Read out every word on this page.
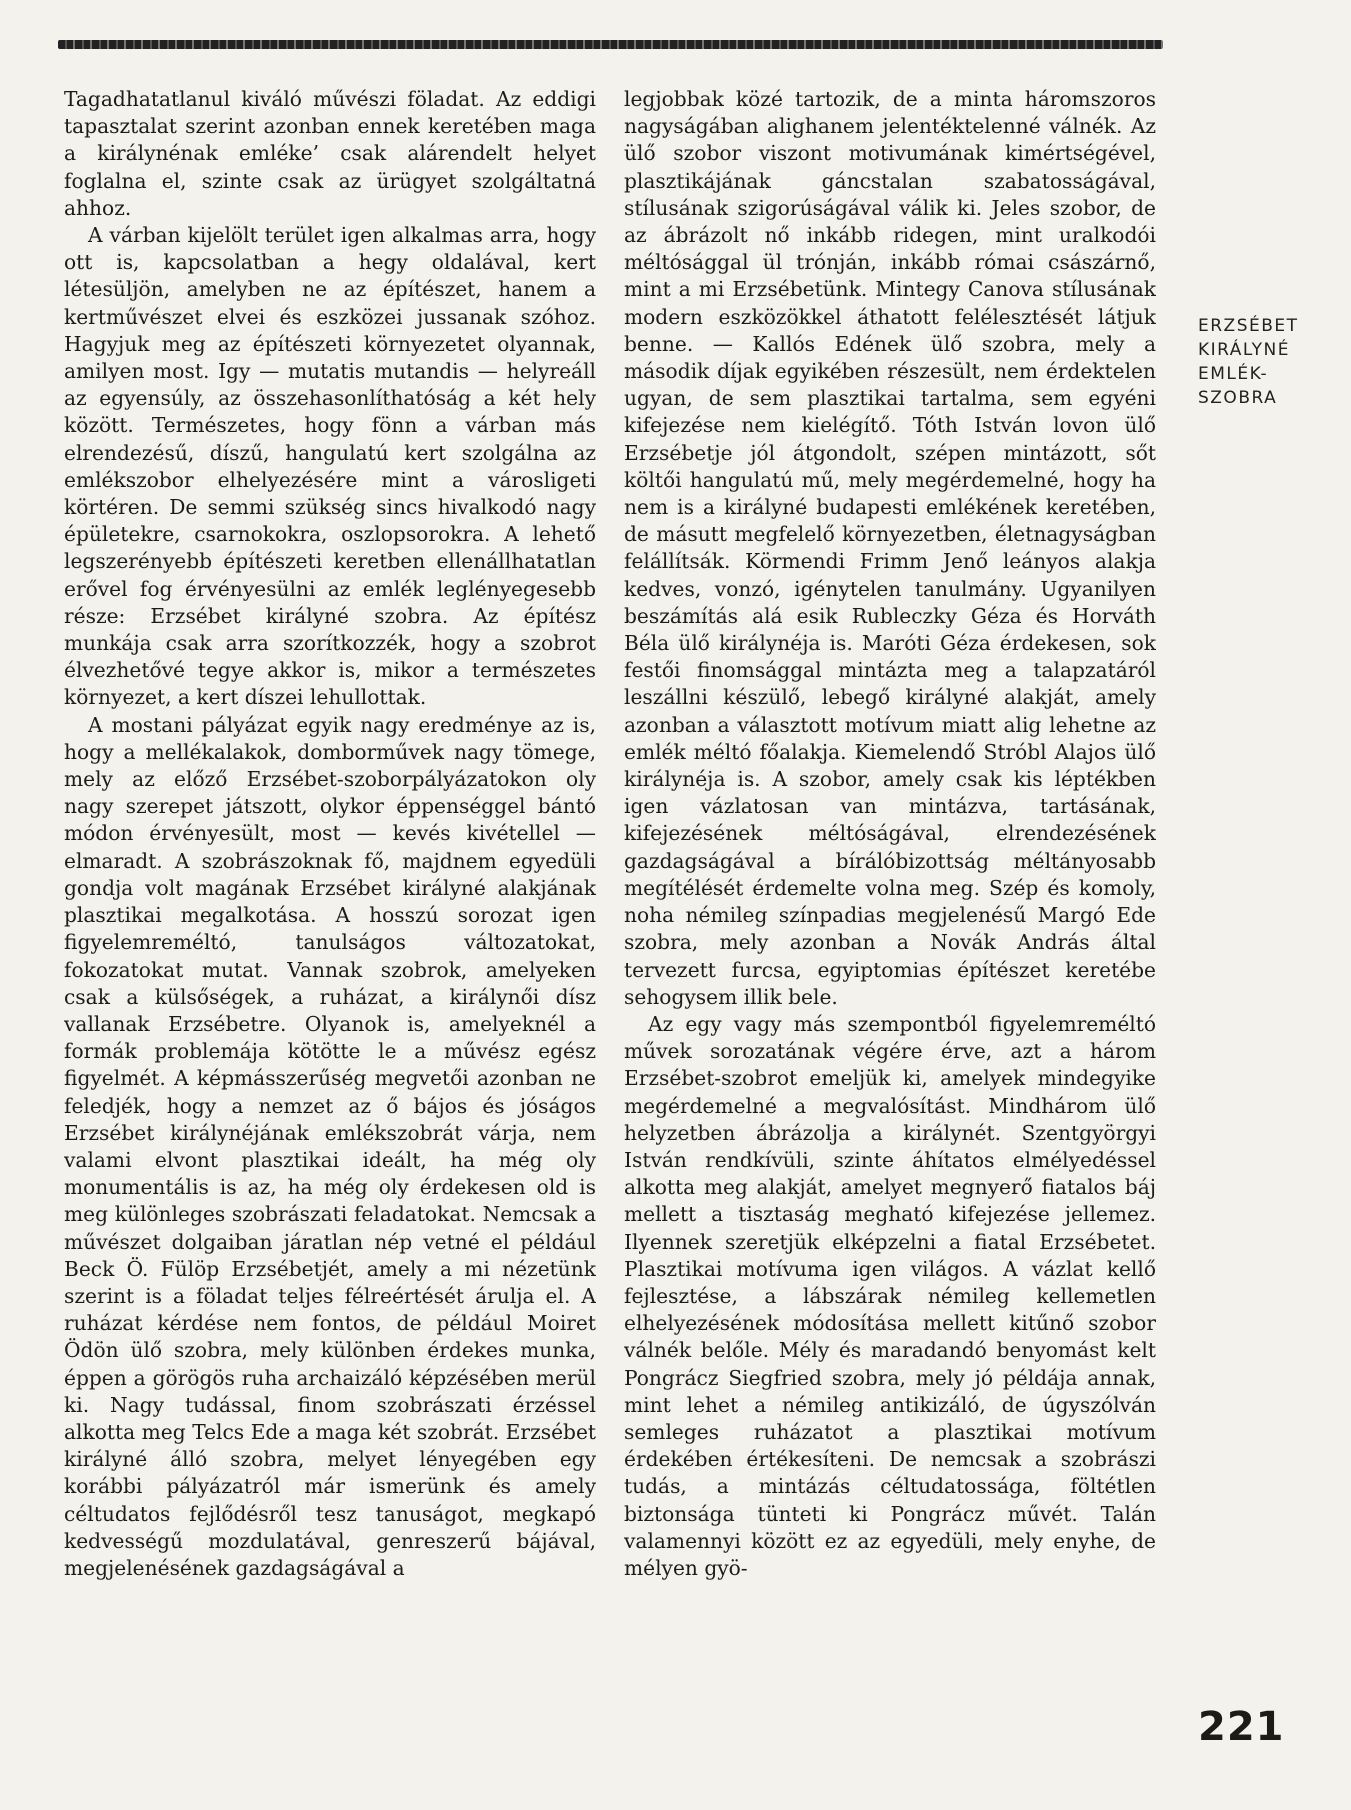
Tagadhatatlanul kiváló művészi föladat. Az eddigi tapasztalat szerint azonban ennek keretében maga a királynénak emléke’ csak alárendelt helyet foglalna el, szinte csak az ürügyet szolgáltatná ahhoz.

A várban kijelölt terület igen alkalmas arra, hogy ott is, kapcsolatban a hegy oldalával, kert létesüljön, amelyben ne az építészet, hanem a kertművészet elvei és eszközei jussanak szóhoz. Hagyjuk meg az építészeti környezetet olyannak, amilyen most. Igy — mutatis mutandis — helyreáll az egyensúly, az összehasonlíthatóság a két hely között. Természetes, hogy fönn a várban más elrendezésű, díszű, hangulatú kert szolgálna az emlékszobor elhelyezésére mint a városligeti körtéren. De semmi szükség sincs hivalkodó nagy épületekre, csarnokokra, oszlopsorokra. A lehető legszerényebb építészeti keretben ellenállhatatlan erővel fog érvényesülni az emlék leglényegesebb része: Erzsébet királyné szobra. Az építész munkája csak arra szorítkozzék, hogy a szobrot élvezhetővé tegye akkor is, mikor a természetes környezet, a kert díszei lehullottak.

A mostani pályázat egyik nagy eredménye az is, hogy a mellékalakok, domborművek nagy tömege, mely az előző Erzsébet-szoborpályázatokon oly nagy szerepet játszott, olykor éppenséggel bántó módon érvényesült, most — kevés kivétellel — elmaradt. A szobrászoknak fő, majdnem egyedüli gondja volt magának Erzsébet királyné alakjának plasztikai megalkotása. A hosszú sorozat igen figyelemreméltó, tanulságos változatokat, fokozatokat mutat. Vannak szobrok, amelyeken csak a külsőségek, a ruházat, a királynői dísz vallanak Erzsébetre. Olyanok is, amelyeknél a formák problemája kötötte le a művész egész figyelmét. A képmásszerűség megvetői azonban ne feledjék, hogy a nemzet az ő bájos és jóságos Erzsébet királynéjának emlékszobrát várja, nem valami elvont plasztikai ideált, ha még oly monumentális is az, ha még oly érdekesen old is meg különleges szobrászati feladatokat. Nemcsak a művészet dolgaiban járatlan nép vetné el például Beck Ö. Fülöp Erzsébetjét, amely a mi nézetünk szerint is a föladat teljes félreértését árulja el. A ruházat kérdése nem fontos, de például Moiret Ödön ülő szobra, mely különben érdekes munka, éppen a görögös ruha archaizáló képzésében merül ki. Nagy tudással, finom szobrászati érzéssel alkotta meg Telcs Ede a maga két szobrát. Erzsébet királyné álló szobra, melyet lényegében egy korábbi pályázatról már ismerünk és amely céltudatos fejlődésről tesz tanuságot, megkapó kedvességű mozdulatával, genreszerű bájával, megjelenésének gazdagságával a

legjobbak közé tartozik, de a minta háromszoros nagyságában alighanem jelentéktelenné válnék. Az ülő szobor viszont motivumának kimértségével, plasztikájának gáncstalan szabatosságával, stílusának szigorúságával válik ki. Jeles szobor, de az ábrázolt nő inkább ridegen, mint uralkodói méltósággal ül trónján, inkább római császárnő, mint a mi Erzsébetünk. Mintegy Canova stílusának modern eszközökkel áthatott felélesztését látjuk benne. — Kallós Edének ülő szobra, mely a második díjak egyikében részesült, nem érdektelen ugyan, de sem plasztikai tartalma, sem egyéni kifejezése nem kielégítő. Tóth István lovon ülő Erzsébetje jól átgondolt, szépen mintázott, sőt költői hangulatú mű, mely megérdemelné, hogy ha nem is a királyné budapesti emlékének keretében, de másutt megfelelő környezetben, életnagyságban felállítsák. Körmendi Frimm Jenő leányos alakja kedves, vonzó, igénytelen tanulmány. Ugyanilyen beszámítás alá esik Rubleczky Géza és Horváth Béla ülő királynéja is. Maróti Géza érdekesen, sok festői finomsággal mintázta meg a talapzatáról leszállni készülő, lebegő királyné alakját, amely azonban a választott motívum miatt alig lehetne az emlék méltó főalakja. Kiemelendő Stróbl Alajos ülő királynéja is. A szobor, amely csak kis léptékben igen vázlatosan van mintázva, tartásának, kifejezésének méltóságával, elrendezésének gazdagságával a bírálóbizottság méltányosabb megítélését érdemelte volna meg. Szép és komoly, noha némileg színpadias megjelenésű Margó Ede szobra, mely azonban a Novák András által tervezett furcsa, egyiptomias építészet keretébe sehogysem illik bele.

Az egy vagy más szempontból figyelemreméltó művek sorozatának végére érve, azt a három Erzsébet-szobrot emeljük ki, amelyek mindegyike megérdemelné a megvalósítást. Mindhárom ülő helyzetben ábrázolja a királynét. Szentgyörgyi István rendkívüli, szinte áhítatos elmélyedéssel alkotta meg alakját, amelyet megnyerő fiatalos báj mellett a tisztaság megható kifejezése jellemez. Ilyennek szeretjük elképzelni a fiatal Erzsébetet. Plasztikai motívuma igen világos. A vázlat kellő fejlesztése, a lábszárak némileg kellemetlen elhelyezésének módosítása mellett kitűnő szobor válnék belőle. Mély és maradandó benyomást kelt Pongrácz Siegfried szobra, mely jó példája annak, mint lehet a némileg antikizáló, de úgyszólván semleges ruházatot a plasztikai motívum érdekében értékesíteni. De nemcsak a szobrászi tudás, a mintázás céltudatossága, föltétlen biztonsága tünteti ki Pongrácz művét. Talán valamennyi között ez az egyedüli, mely enyhe, de mélyen gyö-

ERZSÉBET
KIRÁLYNÉ
EMLÉK-
SZOBRA
221
